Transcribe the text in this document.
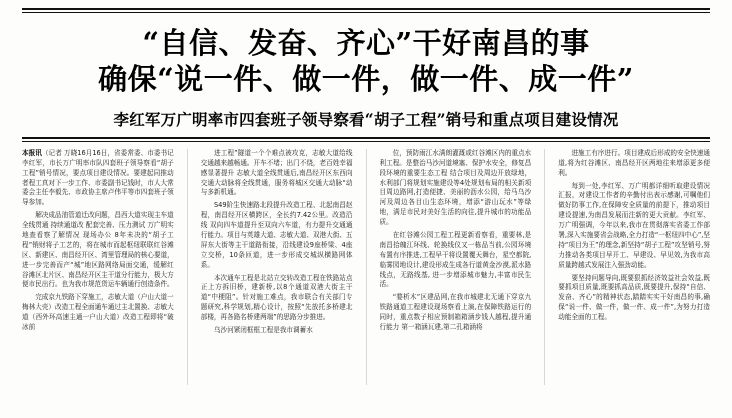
“自信、发奋、齐心”干好南昌的事
确保“说一件、做一件，做一件、成一件”
李红军万广明率市四套班子领导察看“胡子工程”销号和重点项目建设情况

本报讯（记者 万晓16月16日，省委常委、市委书记李红军，市长万广明率市队四套班子领导察看“胡子工程”销号情况，要点项目建设情况。要建起同推动者程工真对下一步工作、市委副书记钱时，市人大常委会主任李毅先、市政协主席卢伟平等市四套班子领导参加。

解决成品油管道迁改问题，昌西大道实现主车道全线贯通 持续通道改 配套完善、压力测试 万广明实地查看察了解情况 现场办公 8年未决的“胡子工程”销财将子工艺的，将在城市而起枢纽联联红谷滩区、新建区、南昌经开区、湾里管理局的核心要道，进一步完善而产“城”地区路网络局面交通，缓解红谷滩区北片区、南昌经开区主干道分行能力，极大方便市民出行。也为我市规范货运车辆通行创造条件。

完成京九铁路下穿施工，志敏大道（户山大道一梅林大壳）改造工程全面通车通过主北置换、志敏大道（西外环高速主通一户山大道）改造工程即将“破冰前

进工程”隧道一个个难点被攻克，志敏大道给线交通越来越畅通。开车不堵；出门不绕，老百姓幸福感显著提升 志敏大道全线贯通后,南昌经开区东西向交通大动脉将全线贯通，服务将城区交通大动脉“动与多新机通。

S49阶生快速路北段提升改造工程、北起南昌赵程，南昌经开区横跨区，全长约7.42公里。改造沿线 双向四车道提升至双向六车道，有力提升交通通行能力。项目与英雄大道、志敏大道、双港大街、五屏东大街等主干道路衔接，沿线建设9座桥梁、4座立交桥，10条匝道，进一步形成交城纵横路网体系。

本次通车工程是北站立交转改造工程在铁路站点正上方拆旧桥，建新桥,以8个通道双港大街主干道“中梗阻”。针对施工难点，我市联合有关部门专题研究,科学规划,精心设计，按照“先放托多桥建北部楼，再各路名桥建两端”的思路分步推进。

乌沙河紧闭框框工程是我市调蓄水

位，预防雨江水满朗灌溉或红谷滩区内的重点水利工程。是整治马沙河道境塞、保护水安全，修复昌段环境的重要生态工程 结合项目及周边开放绿地，水利部门将规划实施建设等4处规划布局的相关新项目周边路网,打造便捷、美丽的沥水公园，给马乌沙河及周边各目山生态环境，增添“游山玩水”等绿地，满足市民对美好生活的向往,提升城市的功能品质。

在红谷滩公园工程工程更新看察看，重要林,是南昌拾魄江环线、轮换线仪又一栋品当前,公园环境布置有序推进,工程早干将设置覆天舞台，星空都院,临雾园地设计,建设形成生成各行道黄金沙漠,派水路线点，无路线基, 进一步增添城市魅力,丰富市民生活。

“婺析木”区建品网,在我市城建北无通下穿京九铁路通道工程建设现场察看上演,在保障铁路运行的同时，重点数子相应预制箱箱涵步钱人越程,提升通行能力 第一箱涵瓦建,第二孔箱涵将

进施工有序进行。项目建成后形成的安全快速通道,将为红谷滩区、南昌经开区两地往来增添更多便利。

每到一处,李红军、万广明都详细听取建设情况汇报，对建设工作者的辛勤付出表示感谢,可嘱他们做好防事工作,在保障安全质量的前提下，推动项目建设提速,为南昌发展而注新的更大贡献。李红军、万广明强调，今年以来,我市在贯彻落实省委工作部署,深入实施要省会战略,全力打造“一枢纽四中心”,坚持“项目为王”的理念,新坚持“胡子工程”攻坚销号,努力推动各类项目早开工、早建设、早见效,为我市高质量跨越式发展注入强劲动能。

要坚持问题导向,既要狠抓经济效益社会效益,既要抓项目质量,既要抓高品质,既要提升,保持“自信、发奋、齐心”的精神状态,踏踏实实干好南昌的事,确保“说一件、做一件，做一件、成一件”,为努力打造动能全面的工程。
